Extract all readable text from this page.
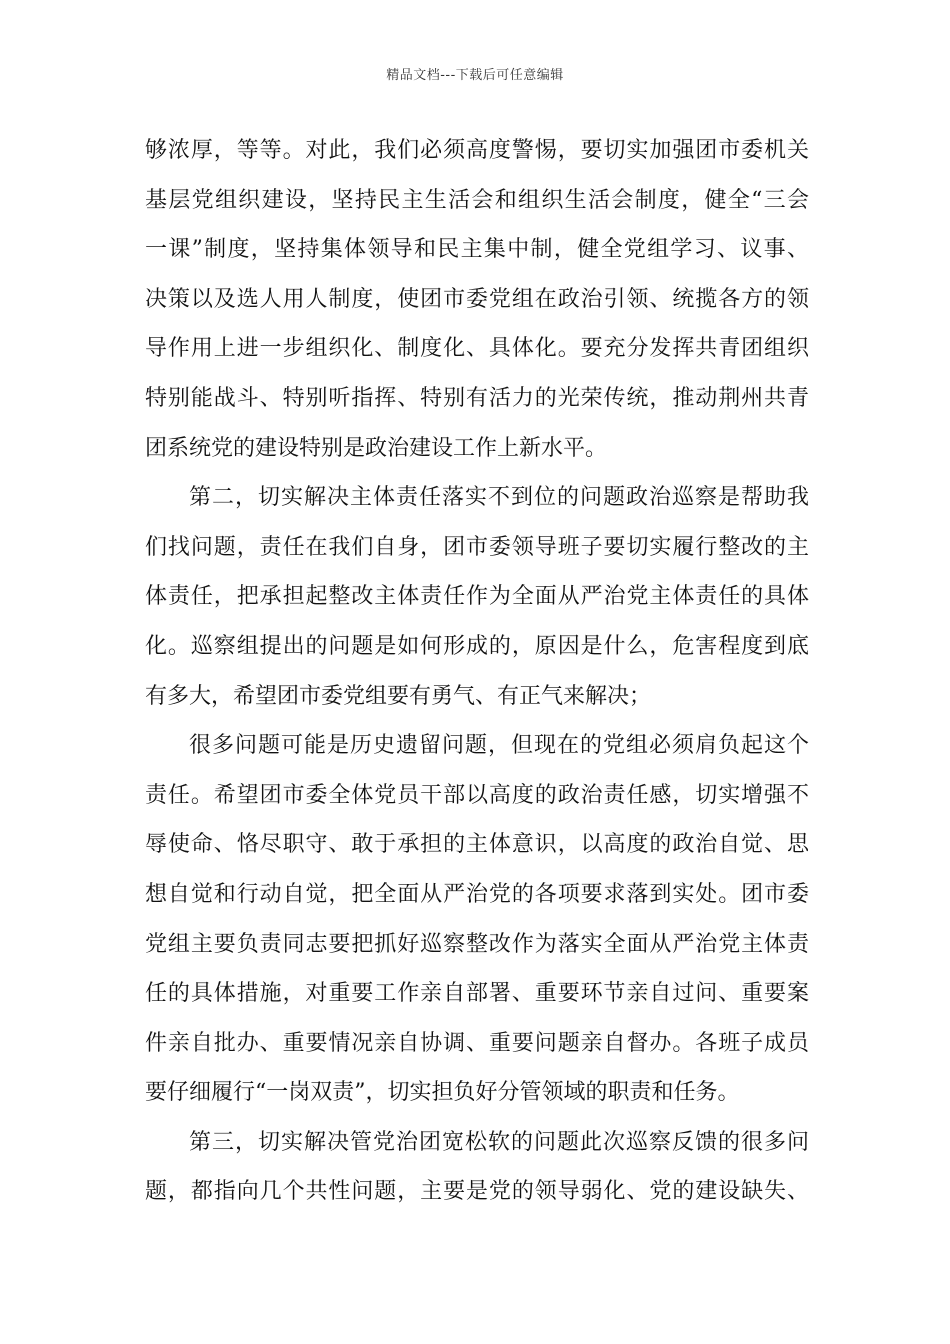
精品文档---下载后可任意编辑
够浓厚，等等。对此，我们必须高度警惕，要切实加强团市委机关
基层党组织建设，坚持民主生活会和组织生活会制度，健全“三会
一课”制度，坚持集体领导和民主集中制，健全党组学习、议事、
决策以及选人用人制度，使团市委党组在政治引领、统揽各方的领
导作用上进一步组织化、制度化、具体化。要充分发挥共青团组织
特别能战斗、特别听指挥、特别有活力的光荣传统，推动荆州共青
团系统党的建设特别是政治建设工作上新水平。
第二，切实解决主体责任落实不到位的问题政治巡察是帮助我
们找问题，责任在我们自身，团市委领导班子要切实履行整改的主
体责任，把承担起整改主体责任作为全面从严治党主体责任的具体
化。巡察组提出的问题是如何形成的，原因是什么，危害程度到底
有多大，希望团市委党组要有勇气、有正气来解决；
很多问题可能是历史遗留问题，但现在的党组必须肩负起这个
责任。希望团市委全体党员干部以高度的政治责任感，切实增强不
辱使命、恪尽职守、敢于承担的主体意识，以高度的政治自觉、思
想自觉和行动自觉，把全面从严治党的各项要求落到实处。团市委
党组主要负责同志要把抓好巡察整改作为落实全面从严治党主体责
任的具体措施，对重要工作亲自部署、重要环节亲自过问、重要案
件亲自批办、重要情况亲自协调、重要问题亲自督办。各班子成员
要仔细履行“一岗双责”，切实担负好分管领域的职责和任务。
第三，切实解决管党治团宽松软的问题此次巡察反馈的很多问
题，都指向几个共性问题，主要是党的领导弱化、党的建设缺失、
